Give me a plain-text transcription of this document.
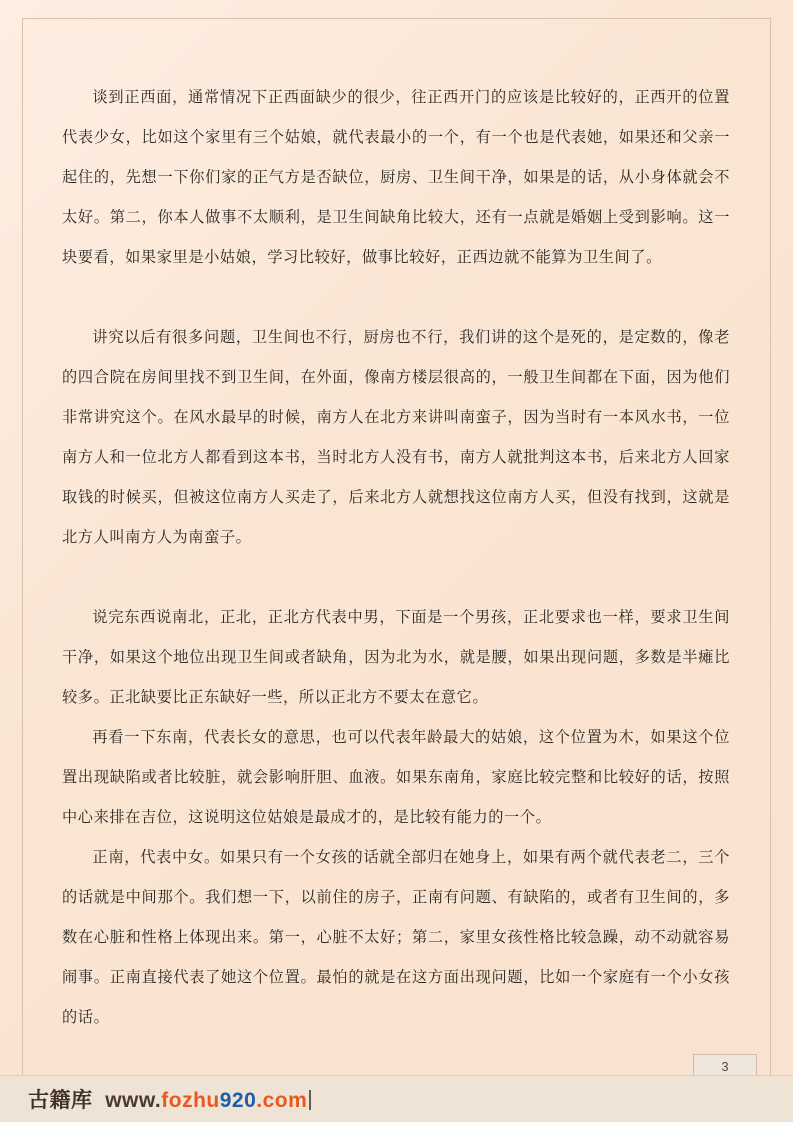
谈到正西面，通常情况下正西面缺少的很少，往正西开门的应该是比较好的，正西开的位置代表少女，比如这个家里有三个姑娘，就代表最小的一个，有一个也是代表她，如果还和父亲一起住的，先想一下你们家的正气方是否缺位，厨房、卫生间干净，如果是的话，从小身体就会不太好。第二，你本人做事不太顺利，是卫生间缺角比较大，还有一点就是婚姻上受到影响。这一块要看，如果家里是小姑娘，学习比较好，做事比较好，正西边就不能算为卫生间了。

讲究以后有很多问题，卫生间也不行，厨房也不行，我们讲的这个是死的，是定数的，像老的四合院在房间里找不到卫生间，在外面，像南方楼层很高的，一般卫生间都在下面，因为他们非常讲究这个。在风水最早的时候，南方人在北方来讲叫南蛮子，因为当时有一本风水书，一位南方人和一位北方人都看到这本书，当时北方人没有书，南方人就批判这本书，后来北方人回家取钱的时候买，但被这位南方人买走了，后来北方人就想找这位南方人买，但没有找到，这就是北方人叫南方人为南蛮子。

说完东西说南北，正北，正北方代表中男，下面是一个男孩，正北要求也一样，要求卫生间干净，如果这个地位出现卫生间或者缺角，因为北为水，就是腰，如果出现问题，多数是半瘫比较多。正北缺要比正东缺好一些，所以正北方不要太在意它。

再看一下东南，代表长女的意思，也可以代表年龄最大的姑娘，这个位置为木，如果这个位置出现缺陷或者比较脏，就会影响肝胆、血液。如果东南角，家庭比较完整和比较好的话，按照中心来排在吉位，这说明这位姑娘是最成才的，是比较有能力的一个。

正南，代表中女。如果只有一个女孩的话就全部归在她身上，如果有两个就代表老二，三个的话就是中间那个。我们想一下，以前住的房子，正南有问题、有缺陷的，或者有卫生间的，多数在心脏和性格上体现出来。第一，心脏不太好；第二，家里女孩性格比较急躁，动不动就容易闹事。正南直接代表了她这个位置。最怕的就是在这方面出现问题，比如一个家庭有一个小女孩的话。

3
古籍库 www.fozhu920.com
